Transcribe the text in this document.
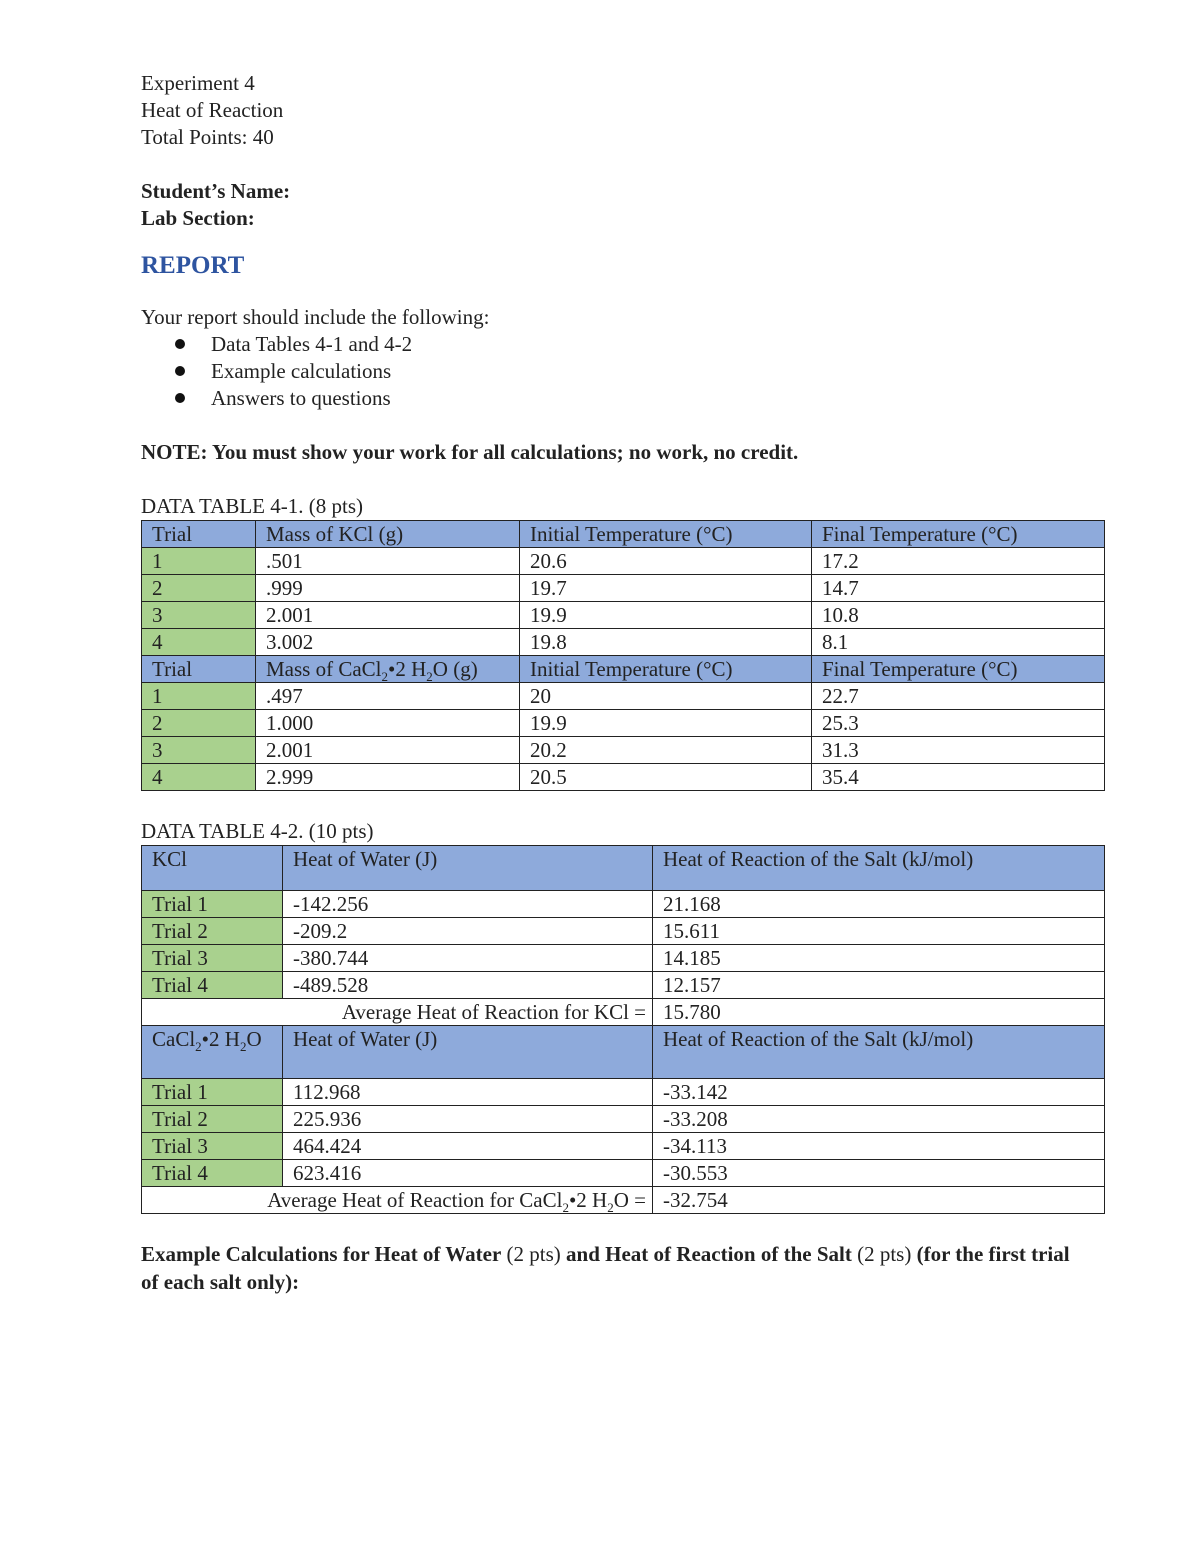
Experiment 4
Heat of Reaction
Total Points: 40
Student’s Name:
Lab Section:
REPORT
Your report should include the following:
Data Tables 4-1 and 4-2
Example calculations
Answers to questions
NOTE: You must show your work for all calculations; no work, no credit.
DATA TABLE 4-1. (8 pts)
Trial	Mass of KCl (g)	Initial Temperature (°C)	Final Temperature (°C)
1	.501	20.6	17.2
2	.999	19.7	14.7
3	2.001	19.9	10.8
4	3.002	19.8	8.1
Trial	Mass of CaCl$_2$•2 $H_2O$ (g)	Initial Temperature (°C)	Final Temperature (°C)
1	.497	20	22.7
2	1.000	19.9	25.3
3	2.001	20.2	31.3
4	2.999	20.5	35.4
DATA TABLE 4-2. (10 pts)
KCl	Heat of Water (J)	Heat of Reaction of the Salt (kJ/mol)
Trial 1	-142.256	21.168
Trial 2	-209.2	15.611
Trial 3	-380.744	14.185
Trial 4	-489.528	12.157
Average Heat of Reaction for KCl =		15.780
CaCl$_2$•2 $H_2O$	Heat of Water (J)	Heat of Reaction of the Salt (kJ/mol)
Trial 1	112.968	-33.142
Trial 2	225.936	-33.208
Trial 3	464.424	-34.113
Trial 4	623.416	-30.553
Average Heat of Reaction for CaCl$_2$•2 $H_2O$ =		-32.754
Example Calculations for Heat of Water (2 pts) and Heat of Reaction of the Salt (2 pts) (for the first trial of each salt only):
